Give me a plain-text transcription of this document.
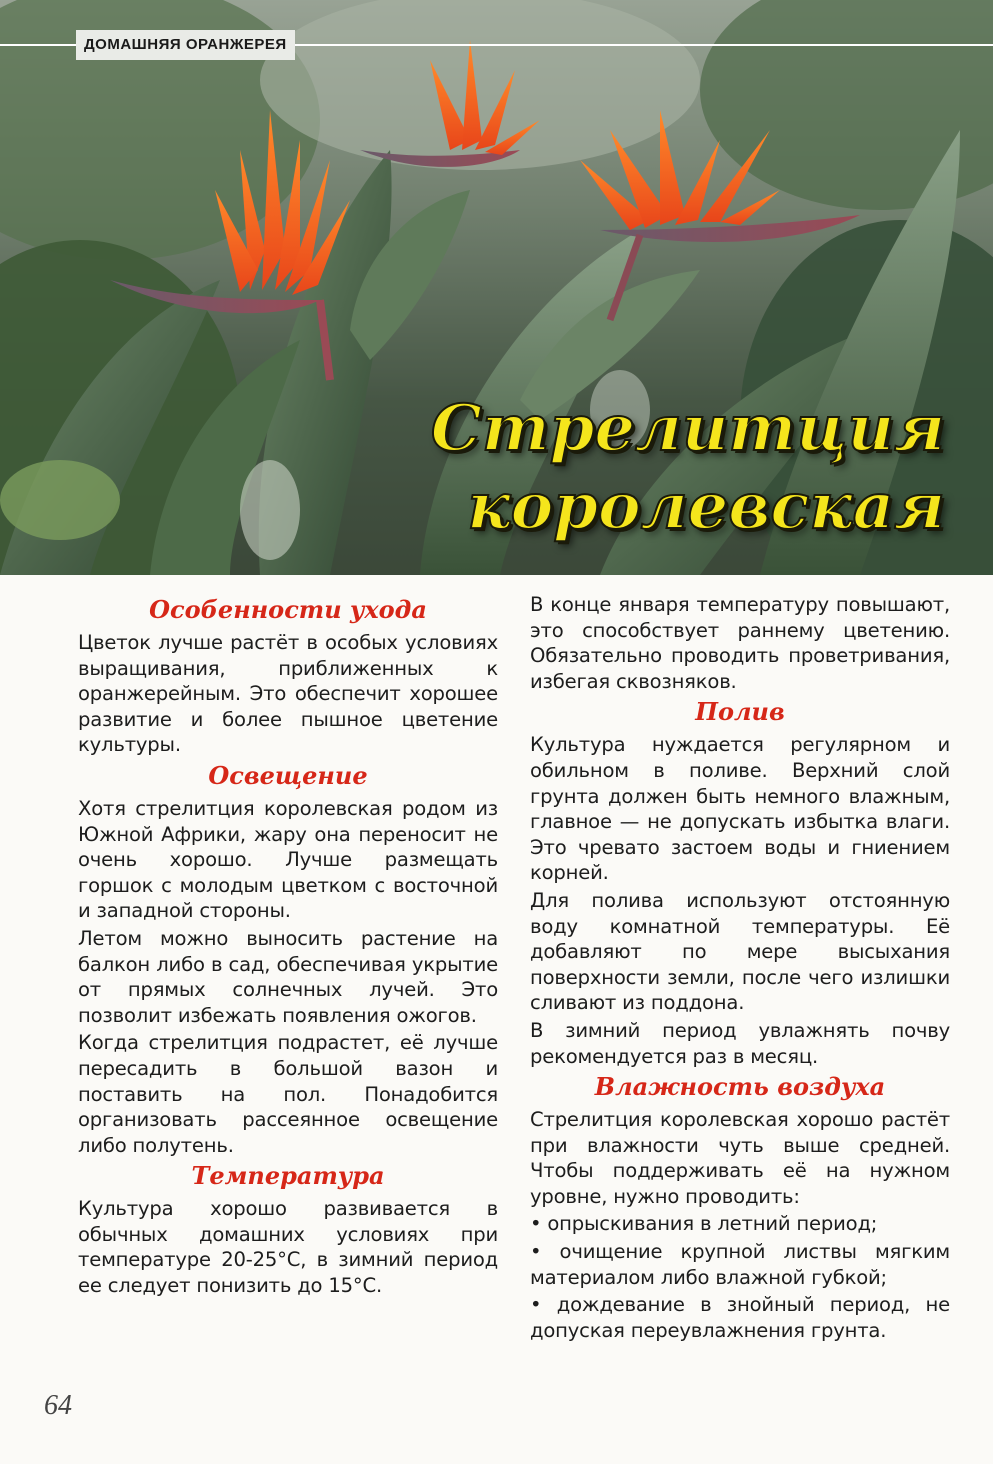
ДОМАШНЯЯ ОРАНЖЕРЕЯ
Стрелитция
королевская
Особенности ухода
Цветок лучше растёт в особых условиях выращивания, приближенных к оранжерейным. Это обеспечит хорошее развитие и более пышное цветение культуры.
Освещение
Хотя стрелитция королевская родом из Южной Африки, жару она переносит не очень хорошо. Лучше размещать горшок с молодым цветком с восточной и западной стороны.
Летом можно выносить растение на балкон либо в сад, обеспечивая укрытие от прямых солнечных лучей. Это позволит избежать появления ожогов.
Когда стрелитция подрастет, её лучше пересадить в большой вазон и поставить на пол. Понадобится организовать рассеянное освещение либо полутень.
Температура
Культура хорошо развивается в обычных домашних условиях при температуре 20-25°С, в зимний период ее следует понизить до 15°С.
В конце января температуру повышают, это способствует раннему цветению. Обязательно проводить проветривания, избегая сквозняков.
Полив
Культура нуждается регулярном и обильном в поливе. Верхний слой грунта должен быть немного влажным, главное — не допускать избытка влаги. Это чревато застоем воды и гниением корней.
Для полива используют отстоянную воду комнатной температуры. Её добавляют по мере высыхания поверхности земли, после чего излишки сливают из поддона.
В зимний период увлажнять почву рекомендуется раз в месяц.
Влажность воздуха
Стрелитция королевская хорошо растёт при влажности чуть выше средней. Чтобы поддерживать её на нужном уровне, нужно проводить:
• опрыскивания в летний период;
• очищение крупной листвы мягким материалом либо влажной губкой;
• дождевание в знойный период, не допуская переувлажнения грунта.
64
